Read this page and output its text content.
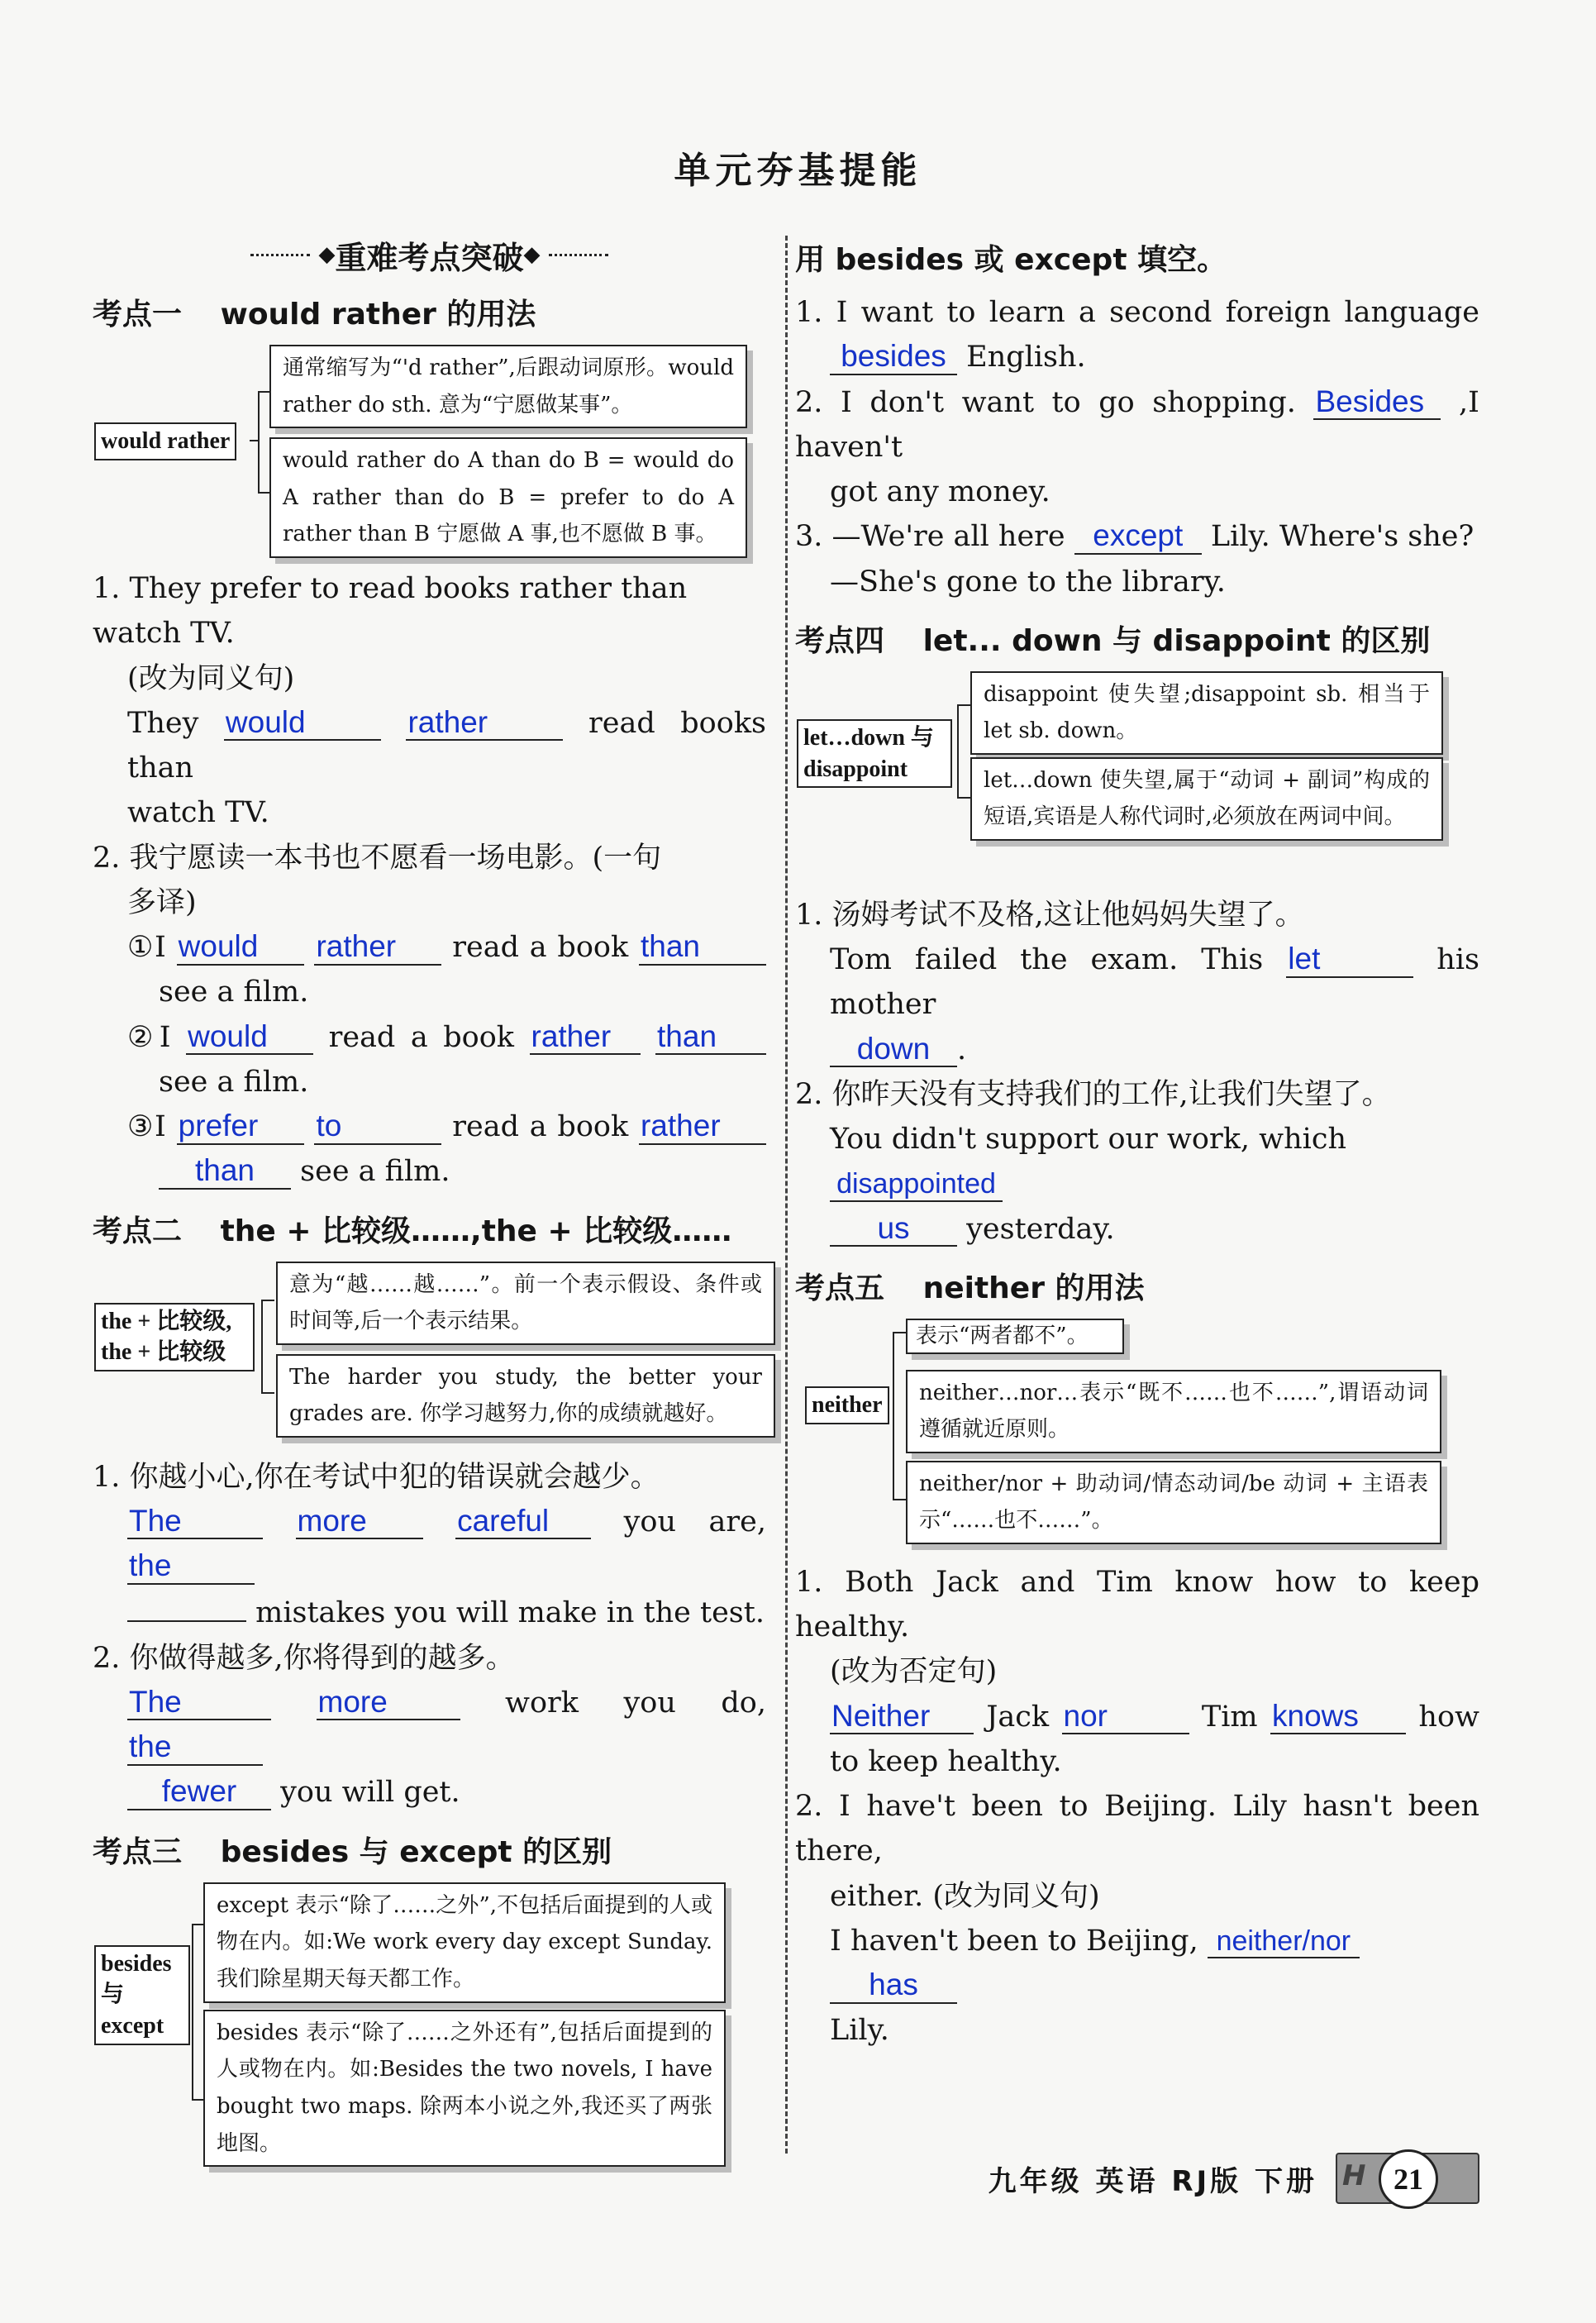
单元夯基提能
◆ 重难考点突破 ◆
考点一 would rather 的用法
would rather
通常缩写为“'d rather”,后跟动词原形。would rather do sth. 意为“宁愿做某事”。
would rather do A than do B = would do A rather than do B = prefer to do A rather than B 宁愿做 A 事,也不愿做 B 事。

1. They prefer to read books rather than watch TV.

(改为同义句)

They would	rather	read books than

watch TV.

2. 我宁愿读一本书也不愿看一场电影。(一句

多译)

①I would rather read a book than

see a film.

②I would read a book rather than

see a film.

③I prefer to	read a book rather

than see a film.

考点二 the + 比较级……,the + 比较级……
the + 比较级,
the + 比较级
意为“越……越……”。前一个表示假设、条件或时间等,后一个表示结果。
The harder you study, the better your grades are. 你学习越努力,你的成绩就越好。

1. 你越小心,你在考试中犯的错误就会越少。

The	more	careful	you are, the

mistakes you will make in the test.

2. 你做得越多,你将得到的越多。

The	more	work you do, the

fewer you will get.

考点三 besides 与 except 的区别
besides
与
except
except 表示“除了……之外”,不包括后面提到的人或物在内。如:We work every day except Sunday. 我们除星期天每天都工作。
besides 表示“除了……之外还有”,包括后面提到的人或物在内。如:Besides the two novels, I have bought two maps. 除两本小说之外,我还买了两张地图。
用 besides 或 except 填空。

1. I want to learn a second foreign language

besides English.

2. I don't want to go shopping. Besides ,I haven't

got any money.

3. —We're all here except Lily. Where's she?

—She's gone to the library.

考点四 let... down 与 disappoint 的区别
let…down 与
disappoint
disappoint 使失望;disappoint sb. 相当于 let sb. down。
let…down 使失望,属于“动词 + 副词”构成的短语,宾语是人称代词时,必须放在两词中间。

1. 汤姆考试不及格,这让他妈妈失望了。

Tom failed the exam. This let	his mother

down .

2. 你昨天没有支持我们的工作,让我们失望了。

You didn't support our work, which disappointed

us yesterday.

考点五 neither 的用法
neither
表示“两者都不”。
neither…nor…表示“既不……也不……”,谓语动词遵循就近原则。
neither/nor + 助动词/情态动词/be 动词 + 主语表示“……也不……”。

1. Both Jack and Tim know how to keep healthy.

(改为否定句)

Neither Jack nor	Tim knows how

to keep healthy.

2. I have't been to Beijing. Lily hasn't been there,

either. (改为同义句)

I haven't been to Beijing, neither/nor has

Lily.

九年级 英语 RJ版 下册 H 21
